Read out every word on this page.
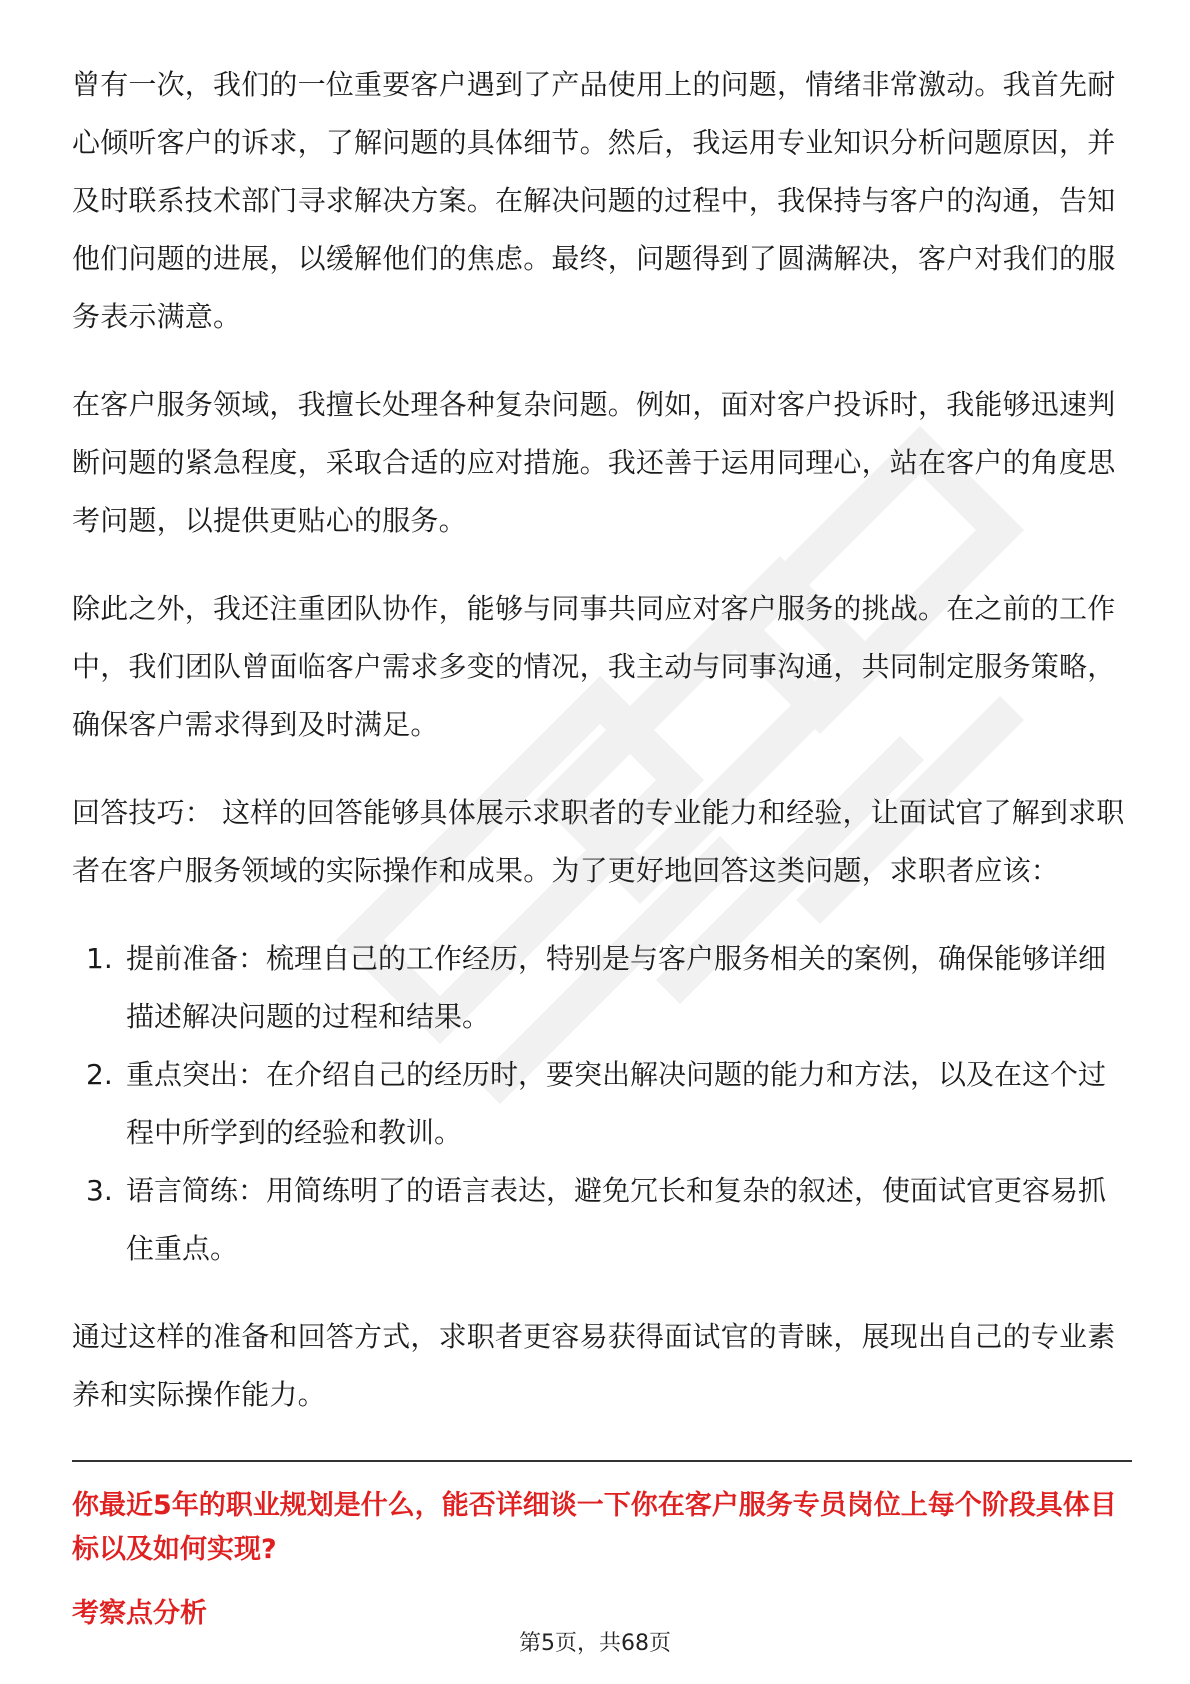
曾有一次，我们的一位重要客户遇到了产品使用上的问题，情绪非常激动。我首先耐心倾听客户的诉求，了解问题的具体细节。然后，我运用专业知识分析问题原因，并及时联系技术部门寻求解决方案。在解决问题的过程中，我保持与客户的沟通，告知他们问题的进展，以缓解他们的焦虑。最终，问题得到了圆满解决，客户对我们的服务表示满意。

在客户服务领域，我擅长处理各种复杂问题。例如，面对客户投诉时，我能够迅速判断问题的紧急程度，采取合适的应对措施。我还善于运用同理心，站在客户的角度思考问题，以提供更贴心的服务。

除此之外，我还注重团队协作，能够与同事共同应对客户服务的挑战。在之前的工作中，我们团队曾面临客户需求多变的情况，我主动与同事沟通，共同制定服务策略，确保客户需求得到及时满足。

回答技巧： 这样的回答能够具体展示求职者的专业能力和经验，让面试官了解到求职者在客户服务领域的实际操作和成果。为了更好地回答这类问题，求职者应该：

1. 提前准备：梳理自己的工作经历，特别是与客户服务相关的案例，确保能够详细描述解决问题的过程和结果。
2. 重点突出：在介绍自己的经历时，要突出解决问题的能力和方法，以及在这个过程中所学到的经验和教训。
3. 语言简练：用简练明了的语言表达，避免冗长和复杂的叙述，使面试官更容易抓住重点。

通过这样的准备和回答方式，求职者更容易获得面试官的青睐，展现出自己的专业素养和实际操作能力。

你最近5年的职业规划是什么，能否详细谈一下你在客户服务专员岗位上每个阶段具体目标以及如何实现?

考察点分析

第5页，共68页
